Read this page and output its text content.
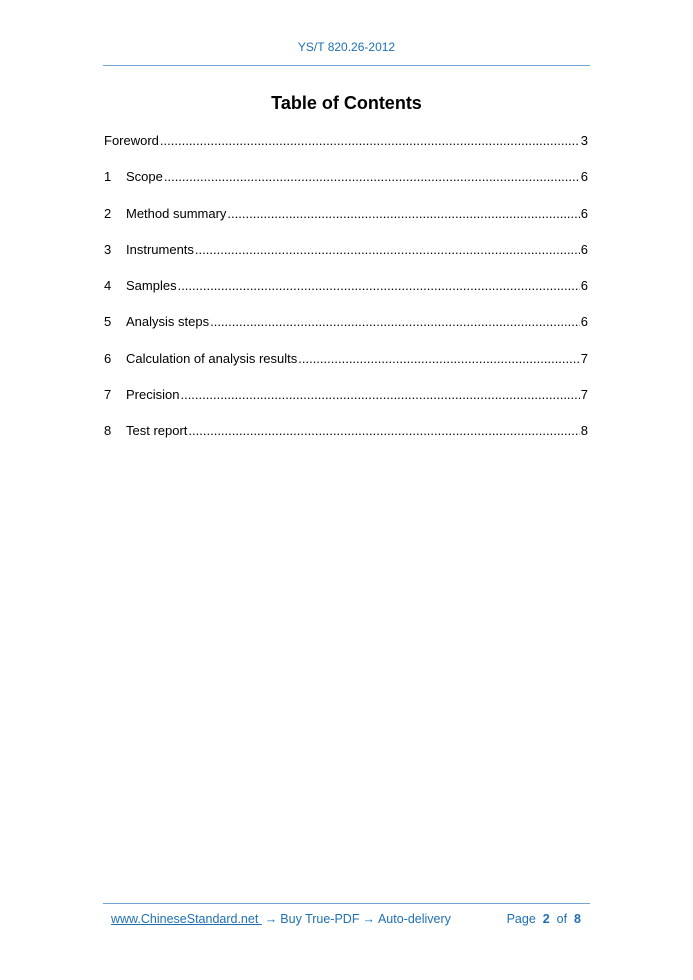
YS/T 820.26-2012
Table of Contents
Foreword .....	3
1	Scope .....	6
2	Method summary .....	6
3	Instruments .....	6
4	Samples .....	6
5	Analysis steps .....	6
6	Calculation of analysis results .....	7
7	Precision .....	7
8	Test report .....	8
www.ChineseStandard.net → Buy True-PDF → Auto-delivery	Page 2 of 8
